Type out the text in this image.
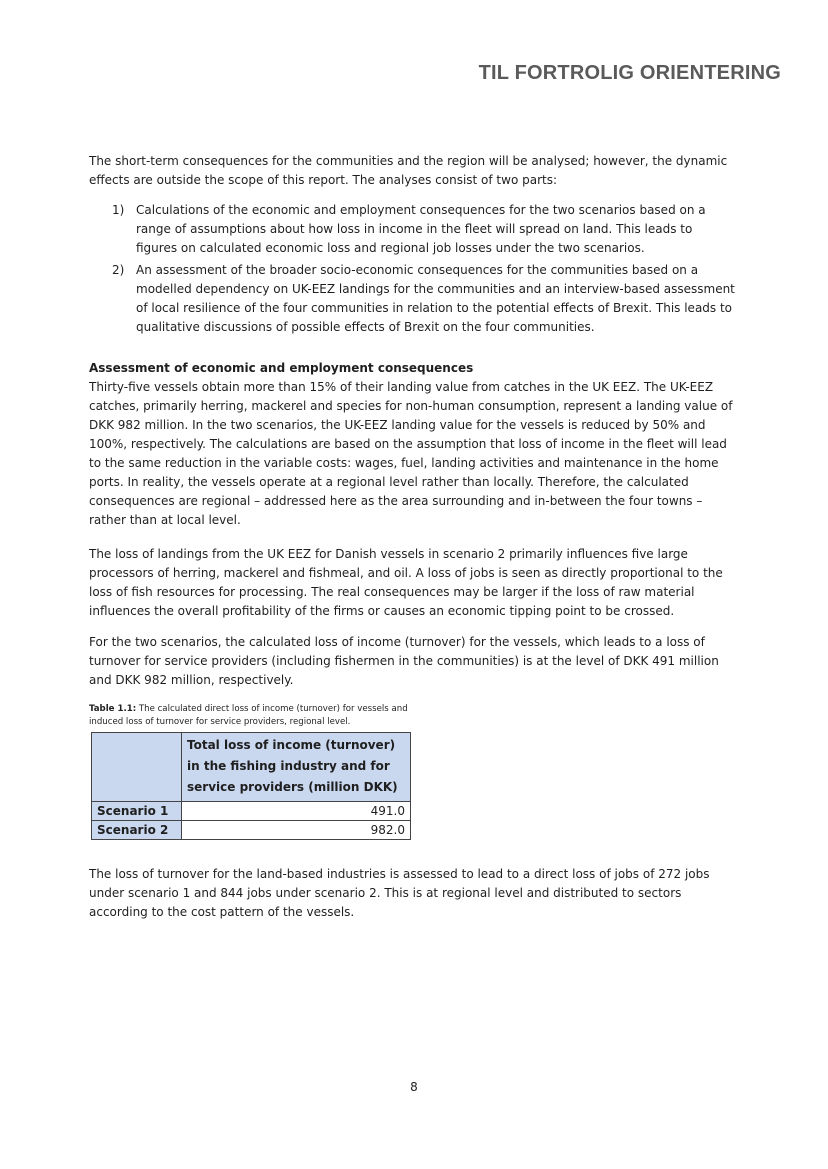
TIL FORTROLIG ORIENTERING

The short-term consequences for the communities and the region will be analysed; however, the dynamic effects are outside the scope of this report. The analyses consist of two parts:

1) Calculations of the economic and employment consequences for the two scenarios based on a range of assumptions about how loss in income in the fleet will spread on land. This leads to figures on calculated economic loss and regional job losses under the two scenarios.
2) An assessment of the broader socio-economic consequences for the communities based on a modelled dependency on UK-EEZ landings for the communities and an interview-based assessment of local resilience of the four communities in relation to the potential effects of Brexit. This leads to qualitative discussions of possible effects of Brexit on the four communities.
Assessment of economic and employment consequences

Thirty-five vessels obtain more than 15% of their landing value from catches in the UK EEZ. The UK-EEZ catches, primarily herring, mackerel and species for non-human consumption, represent a landing value of DKK 982 million. In the two scenarios, the UK-EEZ landing value for the vessels is reduced by 50% and 100%, respectively. The calculations are based on the assumption that loss of income in the fleet will lead to the same reduction in the variable costs: wages, fuel, landing activities and maintenance in the home ports. In reality, the vessels operate at a regional level rather than locally. Therefore, the calculated consequences are regional – addressed here as the area surrounding and in-between the four towns – rather than at local level.

The loss of landings from the UK EEZ for Danish vessels in scenario 2 primarily influences five large processors of herring, mackerel and fishmeal, and oil. A loss of jobs is seen as directly proportional to the loss of fish resources for processing. The real consequences may be larger if the loss of raw material influences the overall profitability of the firms or causes an economic tipping point to be crossed.

For the two scenarios, the calculated loss of income (turnover) for the vessels, which leads to a loss of turnover for service providers (including fishermen in the communities) is at the level of DKK 491 million and DKK 982 million, respectively.

Table 1.1: The calculated direct loss of income (turnover) for vessels and induced loss of turnover for service providers, regional level.
	Total loss of income (turnover) in the fishing industry and for service providers (million DKK)
Scenario 1	491.0
Scenario 2	982.0

The loss of turnover for the land-based industries is assessed to lead to a direct loss of jobs of 272 jobs under scenario 1 and 844 jobs under scenario 2. This is at regional level and distributed to sectors according to the cost pattern of the vessels.

8
